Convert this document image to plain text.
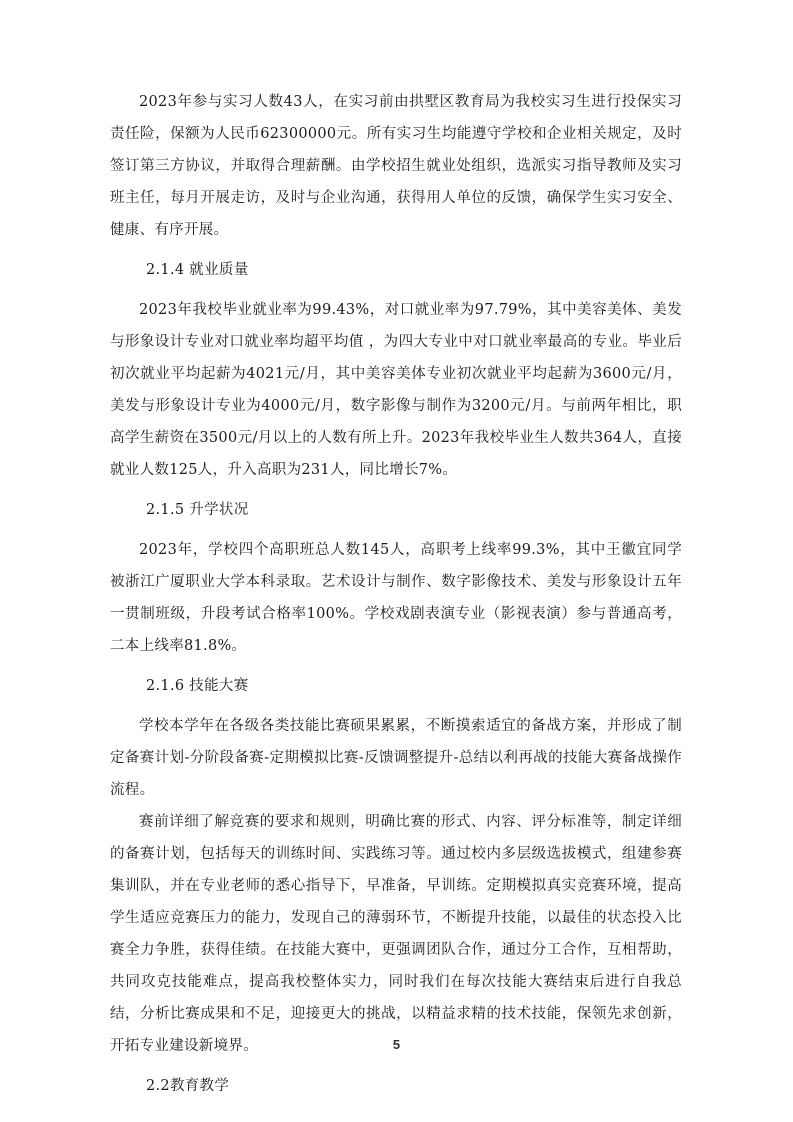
2023年参与实习人数43人，在实习前由拱墅区教育局为我校实习生进行投保实习责任险，保额为人民币62300000元。所有实习生均能遵守学校和企业相关规定，及时签订第三方协议，并取得合理薪酬。由学校招生就业处组织，选派实习指导教师及实习班主任，每月开展走访，及时与企业沟通，获得用人单位的反馈，确保学生实习安全、健康、有序开展。

2.1.4 就业质量

2023年我校毕业就业率为99.43%，对口就业率为97.79%，其中美容美体、美发与形象设计专业对口就业率均超平均值 ，为四大专业中对口就业率最高的专业。毕业后初次就业平均起薪为4021元/月，其中美容美体专业初次就业平均起薪为3600元/月，美发与形象设计专业为4000元/月，数字影像与制作为3200元/月。与前两年相比，职高学生薪资在3500元/月以上的人数有所上升。2023年我校毕业生人数共364人，直接就业人数125人，升入高职为231人，同比增长7%。

2.1.5 升学状况

2023年，学校四个高职班总人数145人，高职考上线率99.3%，其中王徽宜同学被浙江广厦职业大学本科录取。艺术设计与制作、数字影像技术、美发与形象设计五年一贯制班级，升段考试合格率100%。学校戏剧表演专业（影视表演）参与普通高考，二本上线率81.8%。

2.1.6 技能大赛

学校本学年在各级各类技能比赛硕果累累，不断摸索适宜的备战方案，并形成了制定备赛计划-分阶段备赛-定期模拟比赛-反馈调整提升-总结以利再战的技能大赛备战操作流程。

赛前详细了解竞赛的要求和规则，明确比赛的形式、内容、评分标准等，制定详细的备赛计划，包括每天的训练时间、实践练习等。通过校内多层级选拔模式，组建参赛集训队，并在专业老师的悉心指导下，早准备，早训练。定期模拟真实竞赛环境，提高学生适应竞赛压力的能力，发现自己的薄弱环节，不断提升技能，以最佳的状态投入比赛全力争胜，获得佳绩。在技能大赛中，更强调团队合作，通过分工合作，互相帮助，共同攻克技能难点，提高我校整体实力，同时我们在每次技能大赛结束后进行自我总结，分析比赛成果和不足，迎接更大的挑战，以精益求精的技术技能，保领先求创新，开拓专业建设新境界。

2.2教育教学

5
